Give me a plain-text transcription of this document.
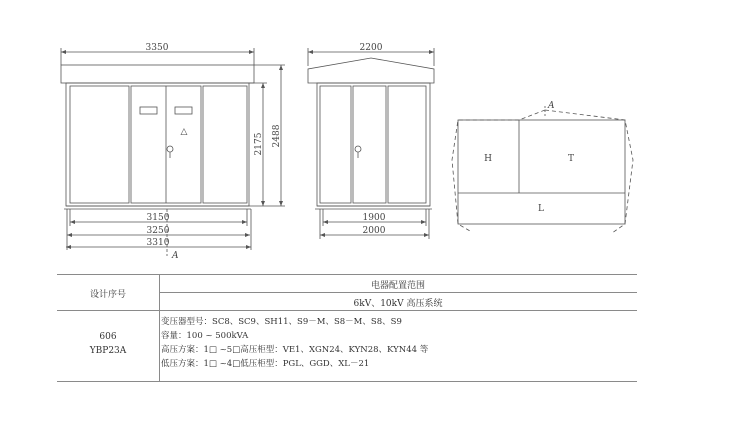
3350
3150
3250
3310
A
2175 2488
2200
1900
2000
A
△
H	T
L
设计序号
电器配置范围
6kV、10kV 高压系统
606
YBP23A
变压器型号：SC8、SC9、SH11、S9－M、S8－M、S8、S9
容量：100 ~ 500kVA
高压方案：1□ ~5□高压柜型：VE1、XGN24、KYN28、KYN44 等
低压方案：1□ ~4□低压柜型：PGL、GGD、XL－21
